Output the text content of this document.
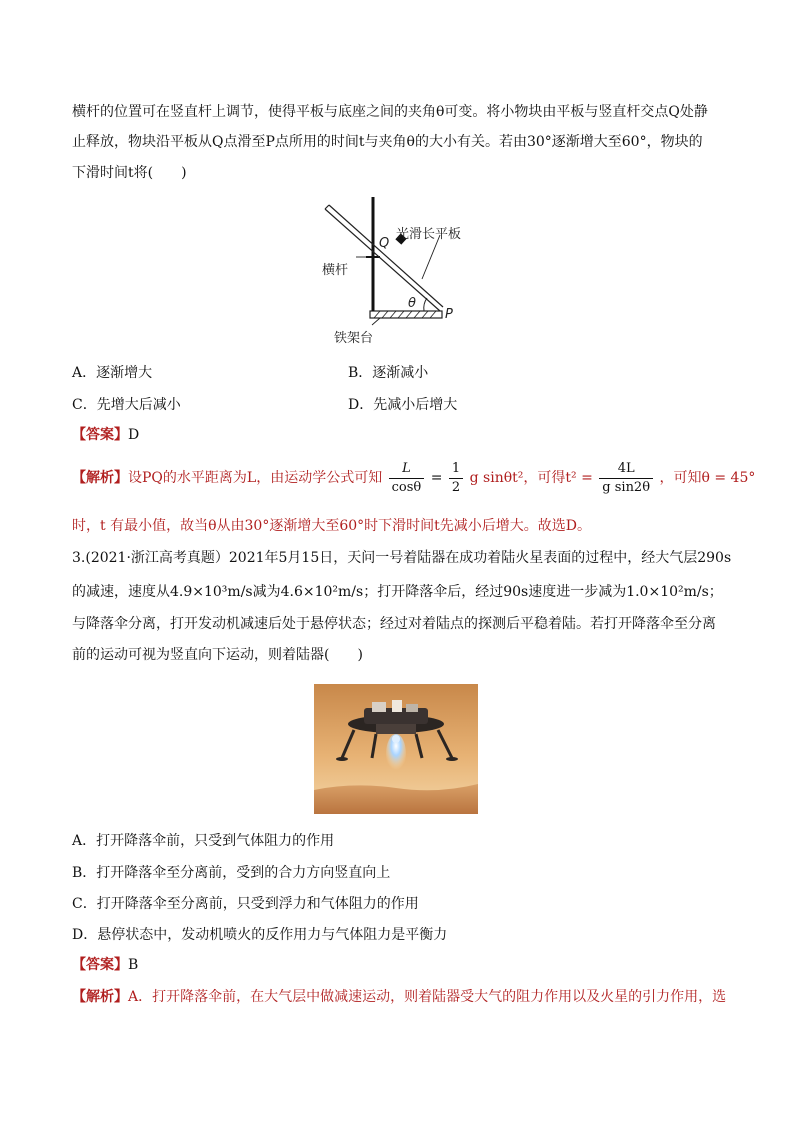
横杆的位置可在竖直杆上调节，使得平板与底座之间的夹角θ可变。将小物块由平板与竖直杆交点Q处静
止释放，物块沿平板从Q点滑至P点所用的时间t与夹角θ的大小有关。若由30°逐渐增大至60°，物块的
下滑时间t将(　　)
Q
光滑长平板
横杆
θ
P
铁架台
A．逐渐增大	B．逐渐减小
C．先增大后减小	D．先减小后增大
【答案】D
【解析】设PQ的水平距离为L，由运动学公式可知 $\frac{L}{\cos\theta} = \frac{1}{2}$ g sinθt²，可得$t^2 = \frac{4L}{\text{g sin2θ}}$ ，可知θ = 45°
时，t 有最小值，故当θ从由30°逐渐增大至60°时下滑时间t先减小后增大。故选D。
3.(2021·浙江高考真题）2021年5月15日，天问一号着陆器在成功着陆火星表面的过程中，经大气层290s
的减速，速度从4.9×10³m/s减为4.6×10²m/s；打开降落伞后，经过90s速度进一步减为1.0×10²m/s；
与降落伞分离，打开发动机减速后处于悬停状态；经过对着陆点的探测后平稳着陆。若打开降落伞至分离
前的运动可视为竖直向下运动，则着陆器(　　)
A．打开降落伞前，只受到气体阻力的作用
B．打开降落伞至分离前，受到的合力方向竖直向上
C．打开降落伞至分离前，只受到浮力和气体阻力的作用
D．悬停状态中，发动机喷火的反作用力与气体阻力是平衡力
【答案】B
【解析】A．打开降落伞前，在大气层中做减速运动，则着陆器受大气的阻力作用以及火星的引力作用，选
